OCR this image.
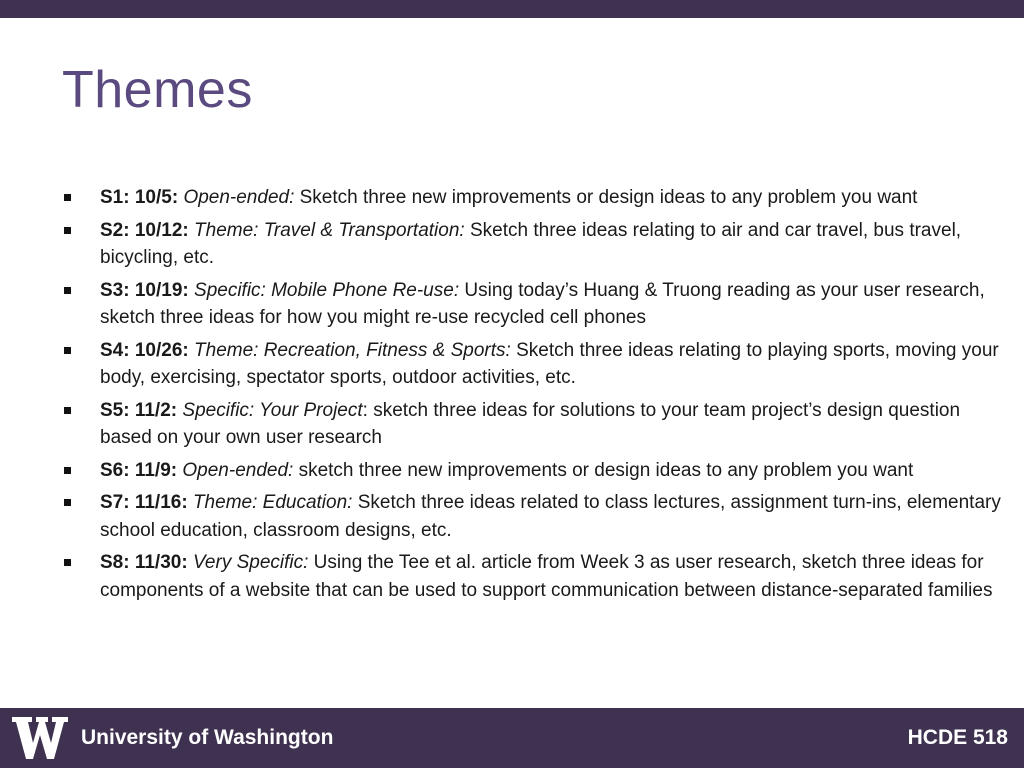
Themes
S1: 10/5: Open-ended: Sketch three new improvements or design ideas to any problem you want
S2: 10/12: Theme: Travel & Transportation: Sketch three ideas relating to air and car travel, bus travel, bicycling, etc.
S3: 10/19: Specific: Mobile Phone Re-use: Using today’s Huang & Truong reading as your user research, sketch three ideas for how you might re-use recycled cell phones
S4: 10/26: Theme: Recreation, Fitness & Sports: Sketch three ideas relating to playing sports, moving your body, exercising, spectator sports, outdoor activities, etc.
S5: 11/2: Specific: Your Project: sketch three ideas for solutions to your team project’s design question based on your own user research
S6: 11/9: Open-ended: sketch three new improvements or design ideas to any problem you want
S7: 11/16: Theme: Education: Sketch three ideas related to class lectures, assignment turn-ins, elementary school education, classroom designs, etc.
S8: 11/30: Very Specific: Using the Tee et al. article from Week 3 as user research, sketch three ideas for components of a website that can be used to support communication between distance-separated families
University of Washington	HCDE 518
